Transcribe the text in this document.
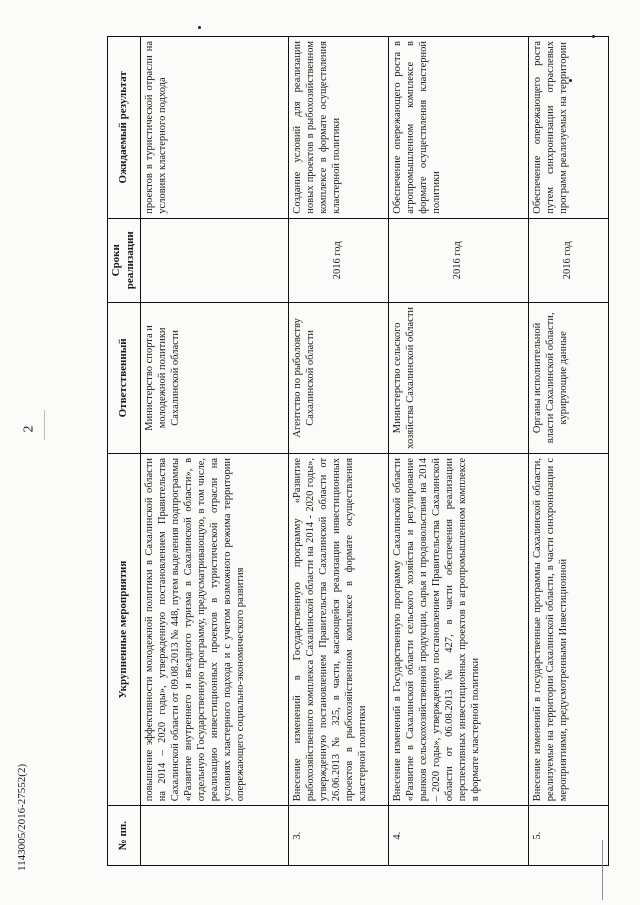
2
№ пп.	Укрупненные мероприятия	Ответственный	Сроки реализации	Ожидаемый результат
	повышение эффективности молодежной политики в Сахалинской области на 2014 – 2020 годы», утвержденную постановлением Правительства Сахалинской области от 09.08.2013 № 448, путем выделения подпрограммы «Развитие внутреннего и въездного туризма в Сахалинской области», в отдельную Государственную программу, предусматривающую, в том числе, реализацию инвестиционных проектов в туристической отрасли на условиях кластерного подхода и с учетом возможного режима территории опережающего социально-экономического развития	Министерство спорта и молодежной политики Сахалинской области		проектов в туристической отрасли на условиях кластерного подхода
3.	Внесение изменений в Государственную программу «Развитие рыбохозяйственного комплекса Сахалинской области на 2014 - 2020 годы», утвержденную постановлением Правительства Сахалинской области от 26.06.2013 № 325, в части, касающейся реализации инвестиционных проектов в рыбохозяйственном комплексе в формате осуществления кластерной политики	Агентство по рыболовству Сахалинской области	2016 год	Создание условий для реализации новых проектов в рыбохозяйственном комплексе в формате осуществления кластерной политики
4.	Внесение изменений в Государственную программу Сахалинской области «Развитие в Сахалинской области сельского хозяйства и регулирование рынков сельскохозяйственной продукции, сырья и продовольствия на 2014 – 2020 годы», утвержденную постановлением Правительства Сахалинской области от 06.08.2013 № 427, в части обеспечения реализации перспективных инвестиционных проектов в агропромышленном комплексе в формате кластерной политики	Министерство сельского хозяйства Сахалинской области	2016 год	Обеспечение опережающего роста в агропромышленном комплексе в формате осуществления кластерной политики
5.	Внесение изменений в государственные программы Сахалинской области, реализуемые на территории Сахалинской области, в части синхронизации с мероприятиями, предусмотренными Инвестиционной	Органы исполнительной власти Сахалинской области, курирующие данные	2016 год	Обеспечение опережающего роста путем синхронизации отраслевых программ реализуемых на территории
1143005/2016-27552(2)
